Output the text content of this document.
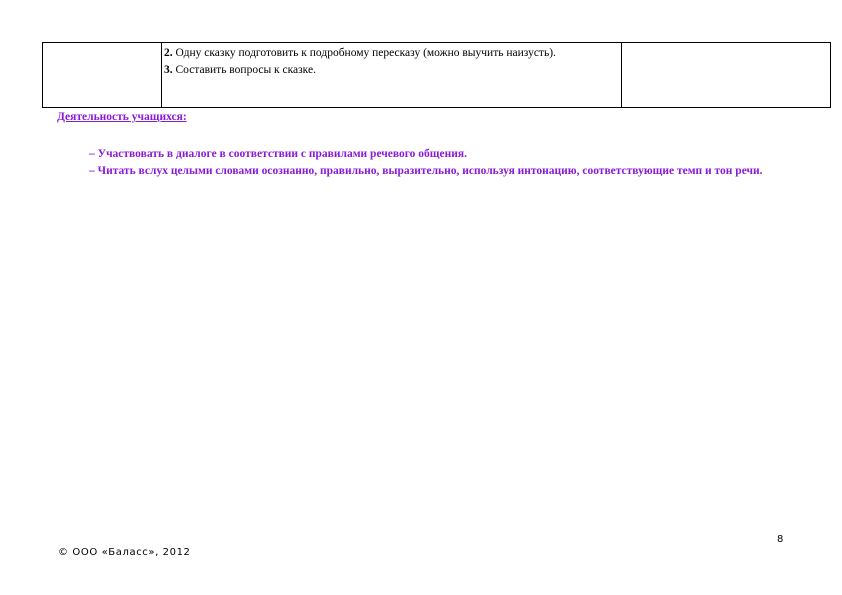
2. Одну сказку подготовить к подробному пересказу (можно выучить наизусть).

3. Составить вопросы к сказке.

Деятельность учащихся:

– Участвовать в диалоге в соответствии с правилами речевого общения.

– Читать вслух целыми словами осознанно, правильно, выразительно, используя интонацию, соответствующие темп и тон речи.

8
© ООО «Баласс», 2012
